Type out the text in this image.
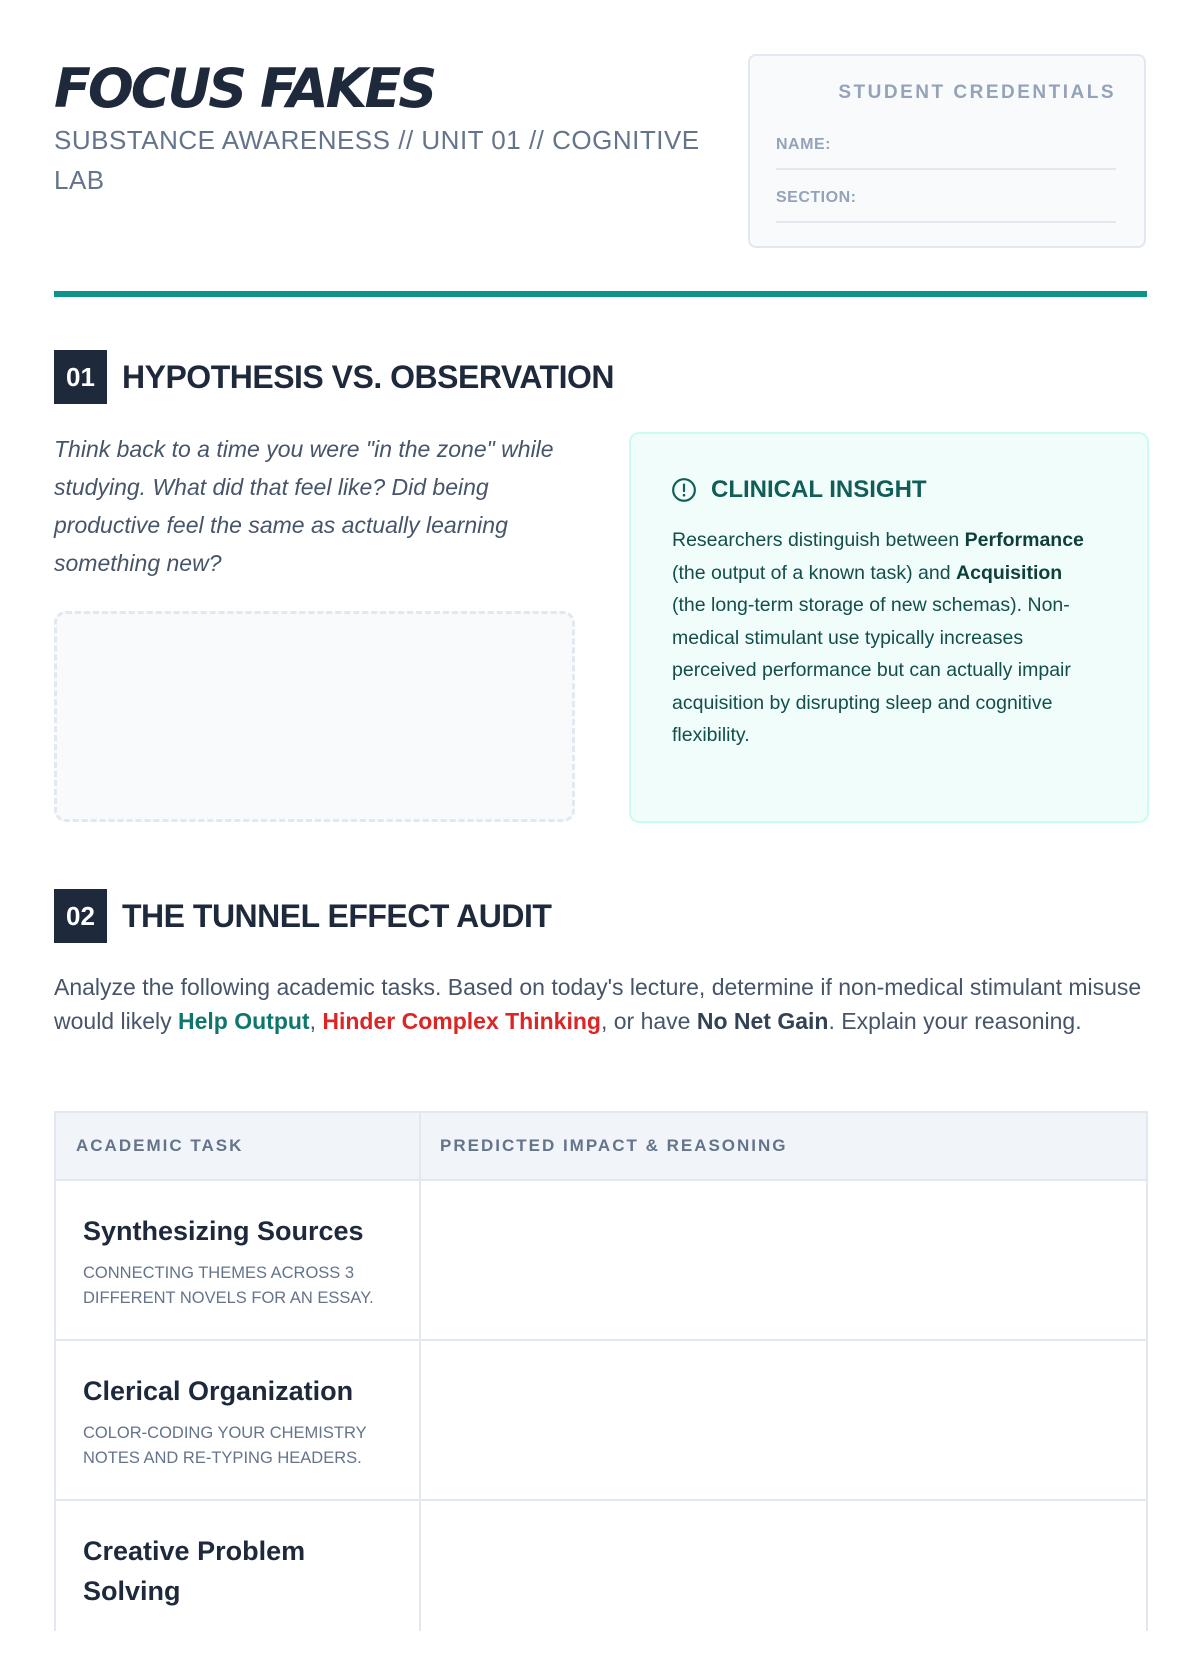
FOCUS FAKES
SUBSTANCE AWARENESS // UNIT 01 // COGNITIVE LAB
STUDENT CREDENTIALS
NAME:
SECTION:
01 HYPOTHESIS VS. OBSERVATION
Think back to a time you were "in the zone" while studying. What did that feel like? Did being productive feel the same as actually learning something new?
CLINICAL INSIGHT
Researchers distinguish between Performance (the output of a known task) and Acquisition (the long-term storage of new schemas). Non-medical stimulant use typically increases perceived performance but can actually impair acquisition by disrupting sleep and cognitive flexibility.
02 THE TUNNEL EFFECT AUDIT
Analyze the following academic tasks. Based on today's lecture, determine if non-medical stimulant misuse would likely Help Output, Hinder Complex Thinking, or have No Net Gain. Explain your reasoning.
ACADEMIC TASK	PREDICTED IMPACT & REASONING
Synthesizing Sources
CONNECTING THEMES ACROSS 3 DIFFERENT NOVELS FOR AN ESSAY.
Clerical Organization
COLOR-CODING YOUR CHEMISTRY NOTES AND RE-TYPING HEADERS.
Creative Problem Solving
